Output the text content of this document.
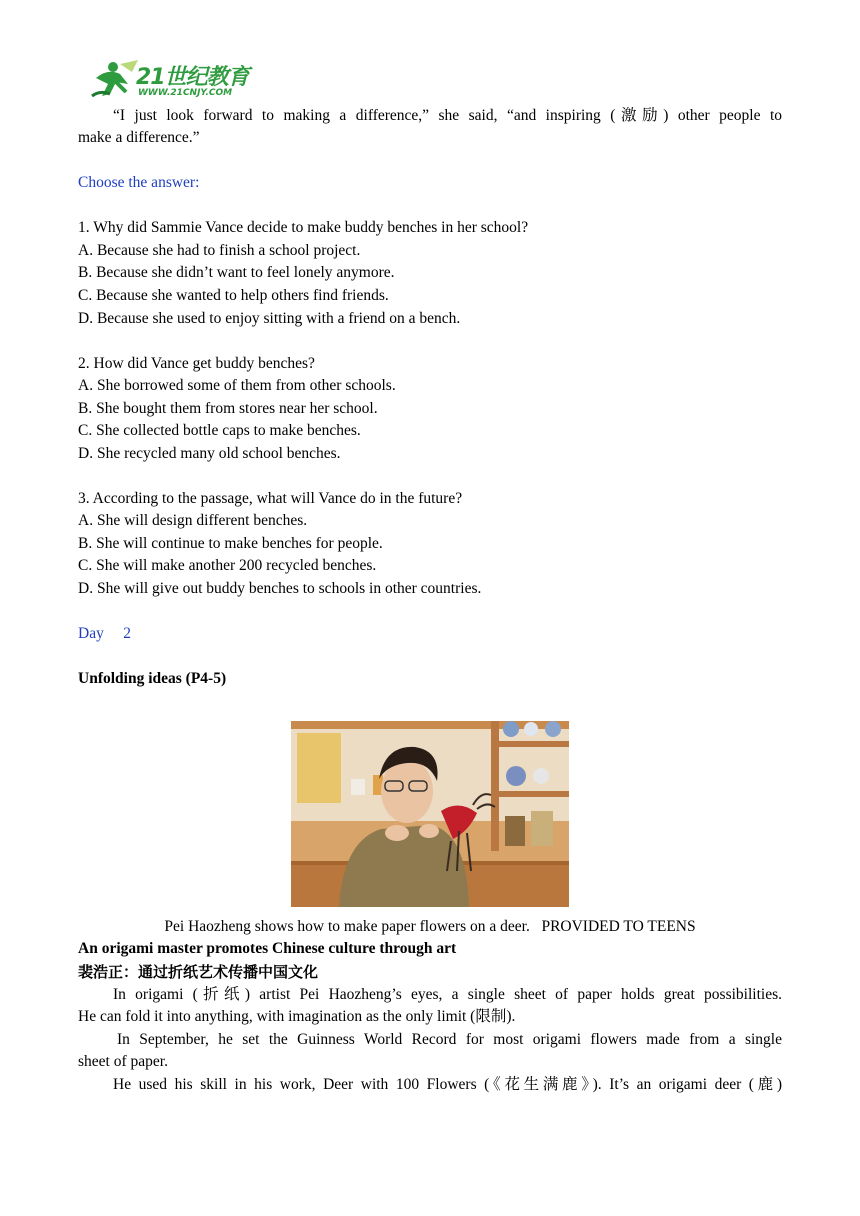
21世纪教育
WWW.21CNJY.COM
“I just look forward to making a difference,” she said, “and inspiring (激励) other people to
make a difference.”
Choose the answer:
1. Why did Sammie Vance decide to make buddy benches in her school?
A. Because she had to finish a school project.
B. Because she didn’t want to feel lonely anymore.
C. Because she wanted to help others find friends.
D. Because she used to enjoy sitting with a friend on a bench.
2. How did Vance get buddy benches?
A. She borrowed some of them from other schools.
B. She bought them from stores near her school.
C. She collected bottle caps to make benches.
D. She recycled many old school benches.
3. According to the passage, what will Vance do in the future?
A. She will design different benches.
B. She will continue to make benches for people.
C. She will make another 200 recycled benches.
D. She will give out buddy benches to schools in other countries.
Day     2
Unfolding ideas (P4-5)
Pei Haozheng shows how to make paper flowers on a deer.   PROVIDED TO TEENS
An origami master promotes Chinese culture through art
裴浩正：通过折纸艺术传播中国文化
In origami (折纸) artist Pei Haozheng’s eyes, a single sheet of paper holds great possibilities.
He can fold it into anything, with imagination as the only limit (限制).
In September, he set the Guinness World Record for most origami flowers made from a single
sheet of paper.
He used his skill in his work, Deer with 100 Flowers (《花生满鹿》). It’s an origami deer (鹿)
